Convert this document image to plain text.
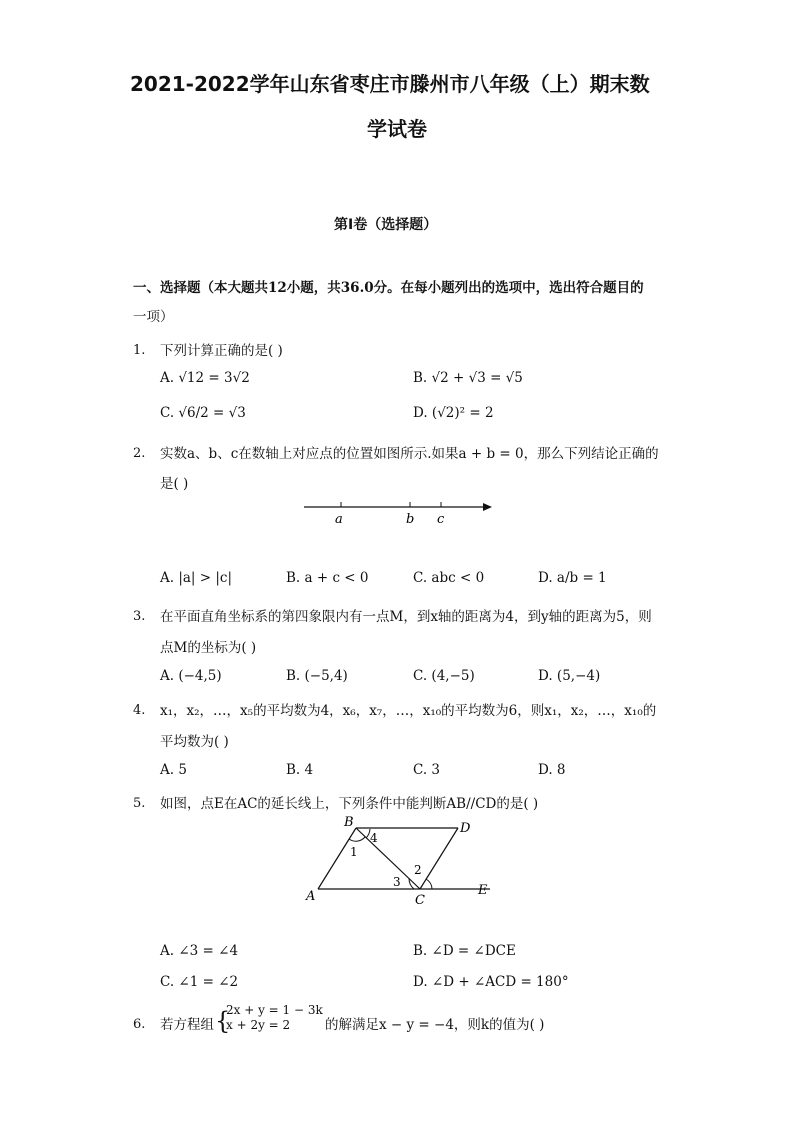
2021-2022学年山东省枣庄市滕州市八年级（上）期末数
学试卷
第I卷（选择题）
一、选择题（本大题共12小题，共36.0分。在每小题列出的选项中，选出符合题目的
一项）
1. 下列计算正确的是( )
A. √12 = 3√2	B. √2 + √3 = √5
C. √6/2 = √3	D. (√2)² = 2
2. 实数a、b、c在数轴上对应点的位置如图所示.如果a + b = 0，那么下列结论正确的
是( )
a	b c
A. |a| > |c|	B. a + c < 0	C. abc < 0	D. a/b = 1
3. 在平面直角坐标系的第四象限内有一点M，到x轴的距离为4，到y轴的距离为5，则
点M的坐标为( )
A. (−4,5)	B. (−5,4)	C. (4,−5)	D. (5,−4)
4. x₁，x₂，…，x₅的平均数为4，x₆，x₇，…，x₁₀的平均数为6，则x₁，x₂，…，x₁₀的
平均数为( )
A. 5	B. 4	C. 3	D. 8
5. 如图，点E在AC的延长线上，下列条件中能判断AB//CD的是( )
B	D
A	C
E
1
2
3
4
A. ∠3 = ∠4	B. ∠D = ∠DCE
C. ∠1 = ∠2	D. ∠D + ∠ACD = 180°
6. 若方程组 {
2x + y = 1 − 3k
x + 2y = 2	的解满足x − y = −4，则k的值为( )
